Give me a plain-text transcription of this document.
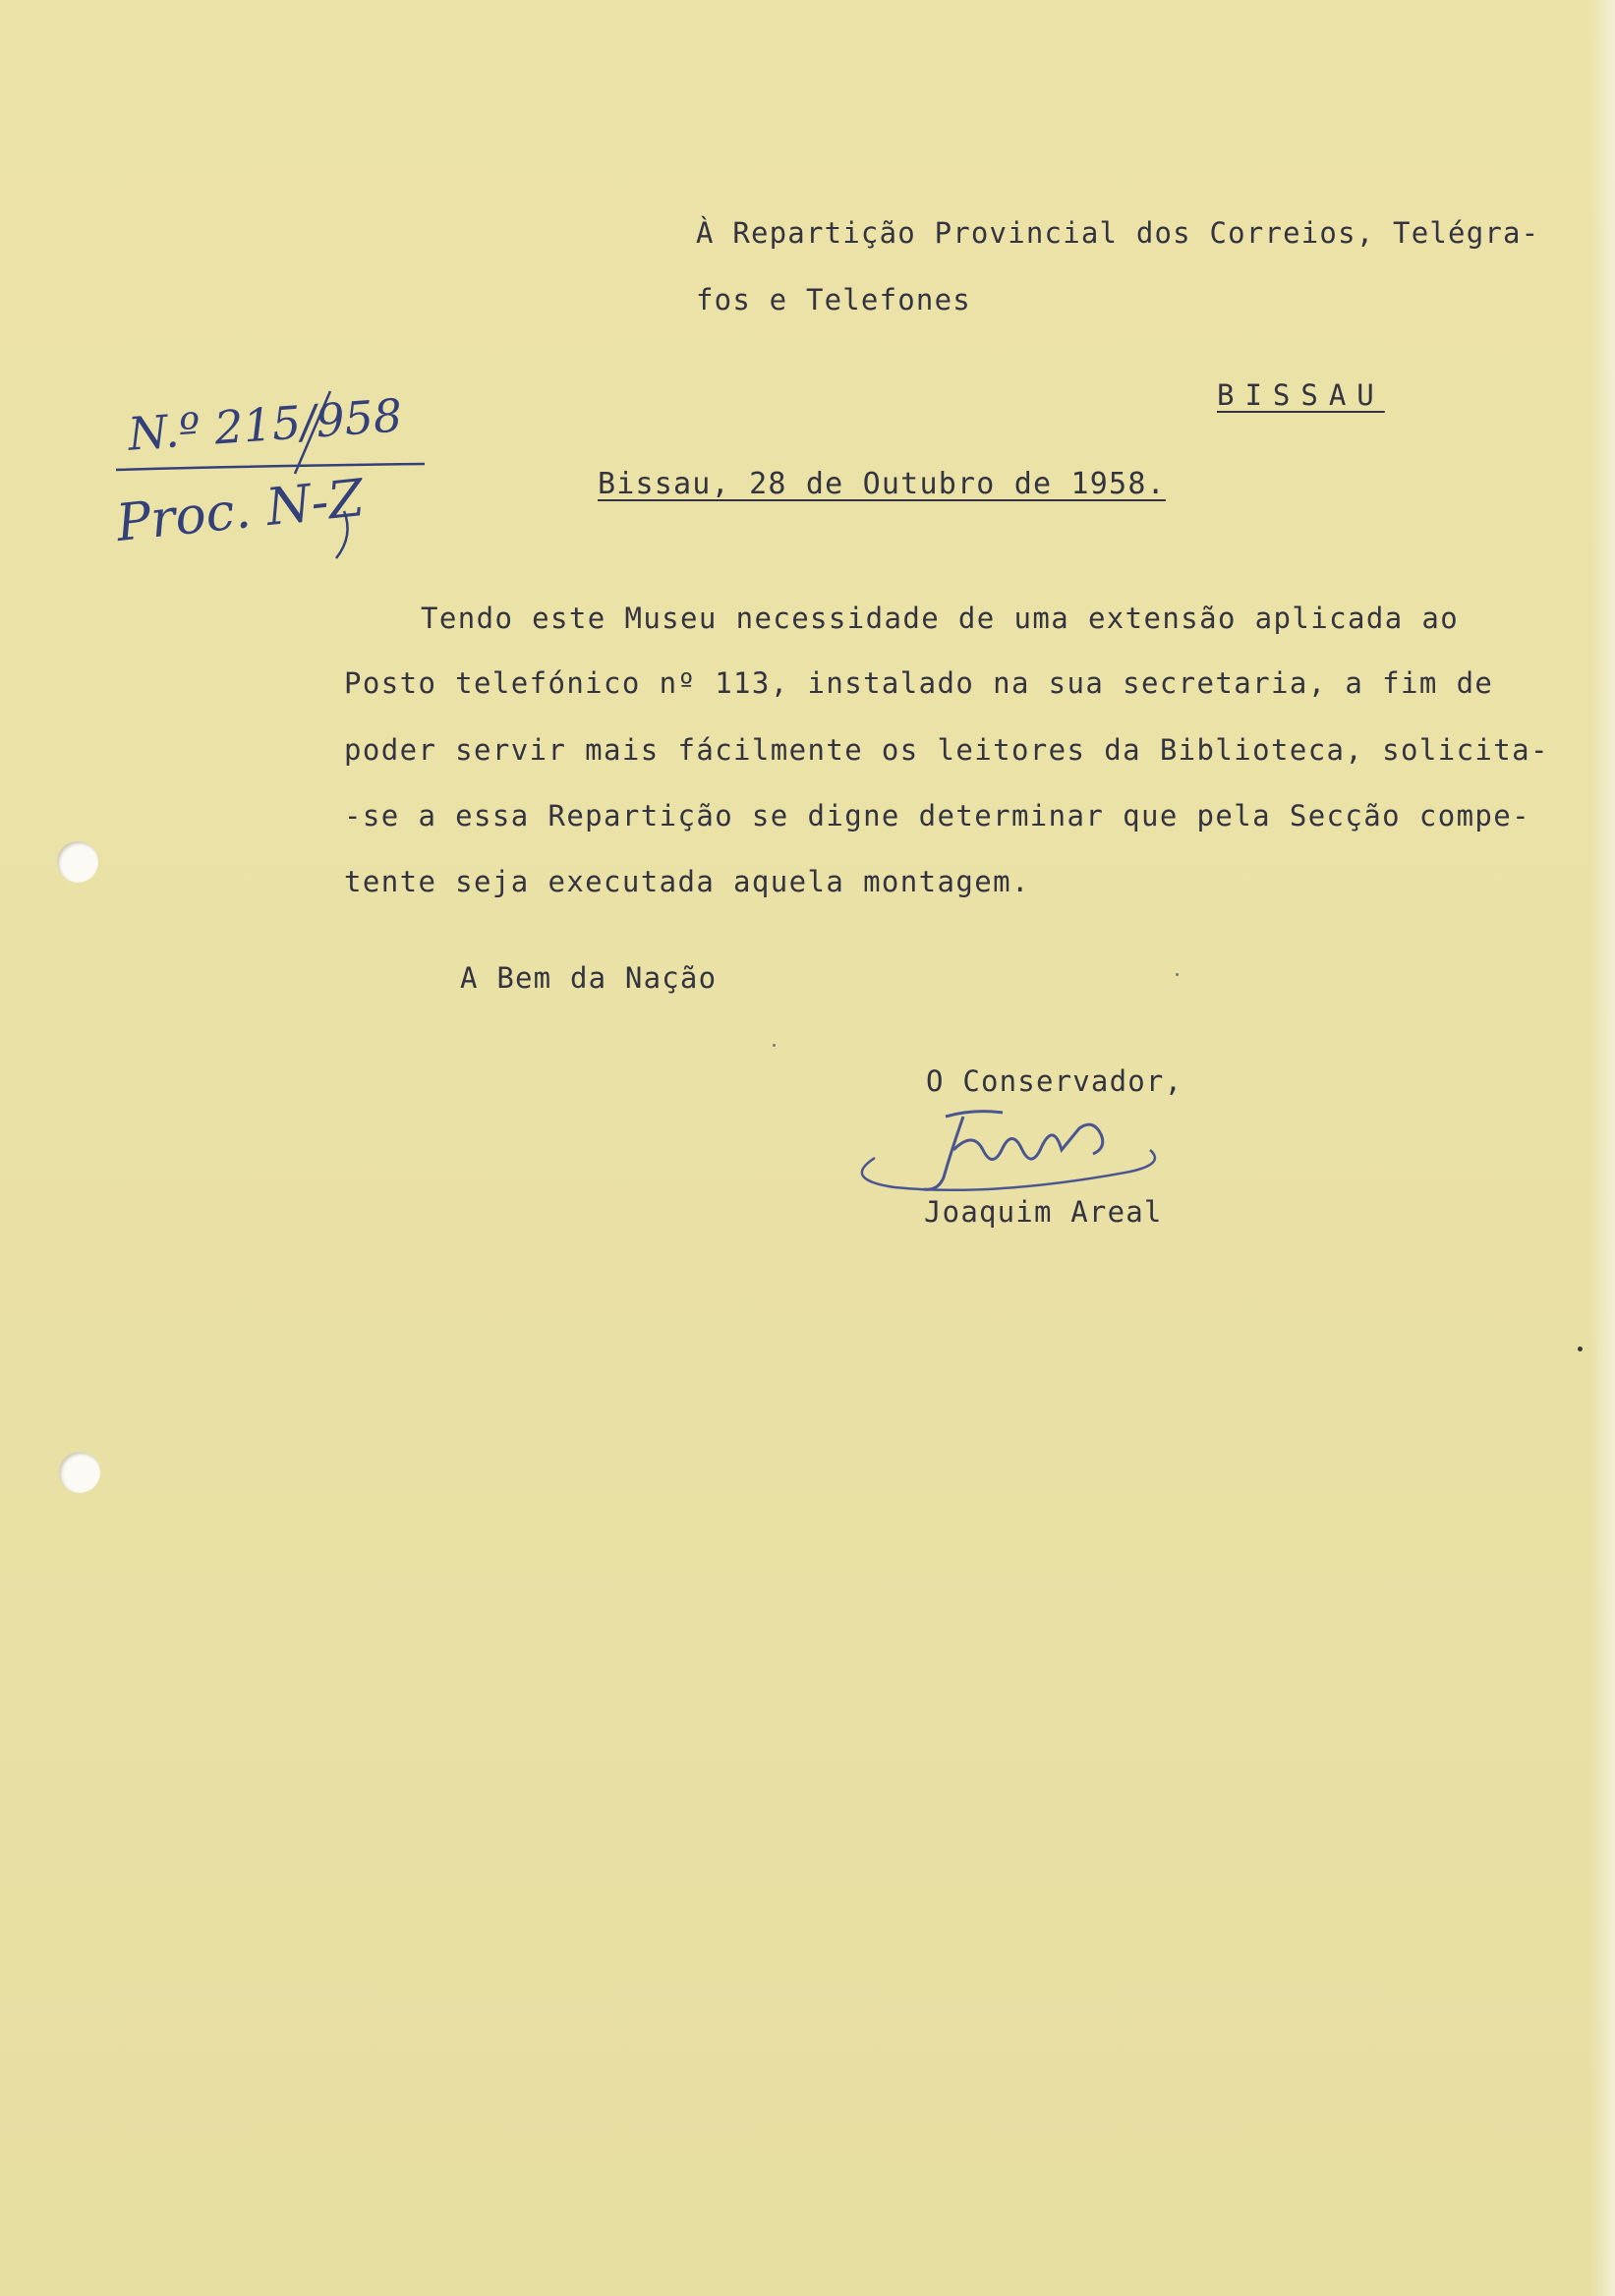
À Repartição Provincial dos Correios, Telégra-
fos e Telefones
BISSAU
N.º 215/958
Proc. N-Z	Bissau, 28 de Outubro de 1958.
Tendo este Museu necessidade de uma extensão aplicada ao
Posto telefónico nº 113, instalado na sua secretaria, a fim de
poder servir mais fácilmente os leitores da Biblioteca, solicita-
-se a essa Repartição se digne determinar que pela Secção compe-
tente seja executada aquela montagem.
A Bem da Nação
O Conservador,
Joaquim Areal
